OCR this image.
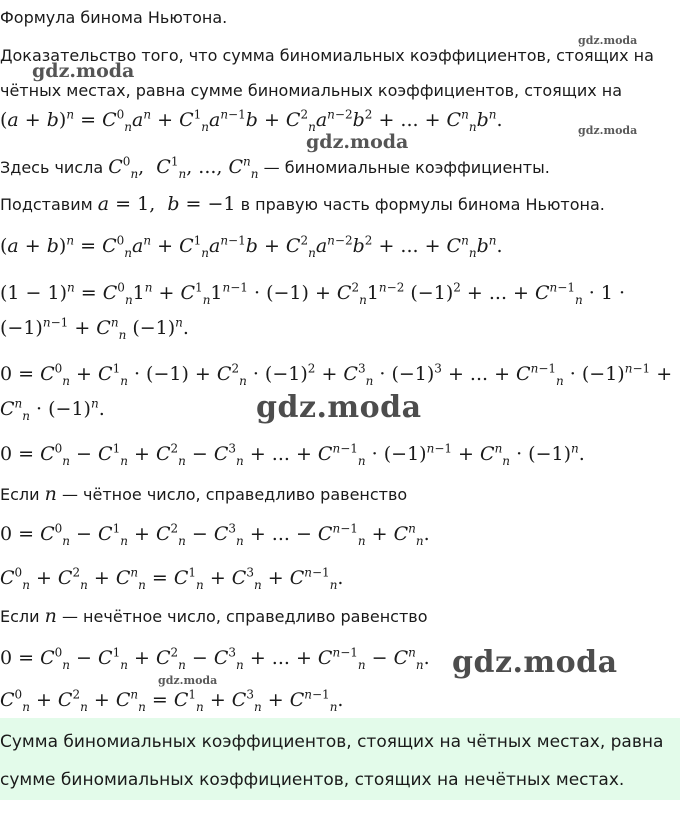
Формула бинома Ньютона.
Доказательство того, что сумма биномиальных коэффициентов, стоящих на
чётных местах, равна сумме биномиальных коэффициентов, стоящих на
$(a + b)^n = C^0_na^n + C^1_na^{n-1}b + C^2_na^{n-2}b^2$ + ... + $C^n_nb^n$.
Здесь числа $C^0_n$,  $C^1_n$, ..., $C^n_n$ — биномиальные коэффициенты.
Подставим a = 1,  b = −1 в правую часть формулы бинома Ньютона.
$(a + b)^n = C^0_na^n + C^1_na^{n-1}b + C^2_na^{n-2}b^2$ + ... + $C^n_nb^n$.
$(1 - 1)^n = C^0_n1^n + C^1_n1^{n-1} \cdot (-1) + C^2_n1^{n-2}$ $(-1)^2$ + ... + $C^{n-1}_n \cdot 1$ ·
$(-1)^{n-1} + C^n_n$ $(-1)^n$.
$0 = C^0_n + C^1_n \cdot (-1) + C^2_n \cdot (-1)^2 + C^3_n \cdot (-1)^3$ + ... + $C^{n-1}_n \cdot (-1)^{n-1}$ +
$C^n_n \cdot (-1)^n$.
$0 = C^0_n - C^1_n + C^2_n - C^3_n$ + ... + $C^{n-1}_n \cdot (-1)^{n-1} + C^n_n \cdot (-1)^n$.
Если n — чётное число, справедливо равенство
$0 = C^0_n - C^1_n + C^2_n - C^3_n$ + ... − $C^{n-1}_n + C^n_n$.
$C^0_n + C^2_n + C^n_n = C^1_n + C^3_n + C^{n-1}_n$.
Если n — нечётное число, справедливо равенство
$0 = C^0_n - C^1_n + C^2_n - C^3_n$ + ... + $C^{n-1}_n - C^n_n$.
$C^0_n + C^2_n + C^n_n = C^1_n + C^3_n + C^{n-1}_n$.
Сумма биномиальных коэффициентов, стоящих на чётных местах, равна
сумме биномиальных коэффициентов, стоящих на нечётных местах.
gdz.moda
gdz.moda
gdz.moda
gdz.moda
gdz.moda
gdz.moda
gdz.moda
